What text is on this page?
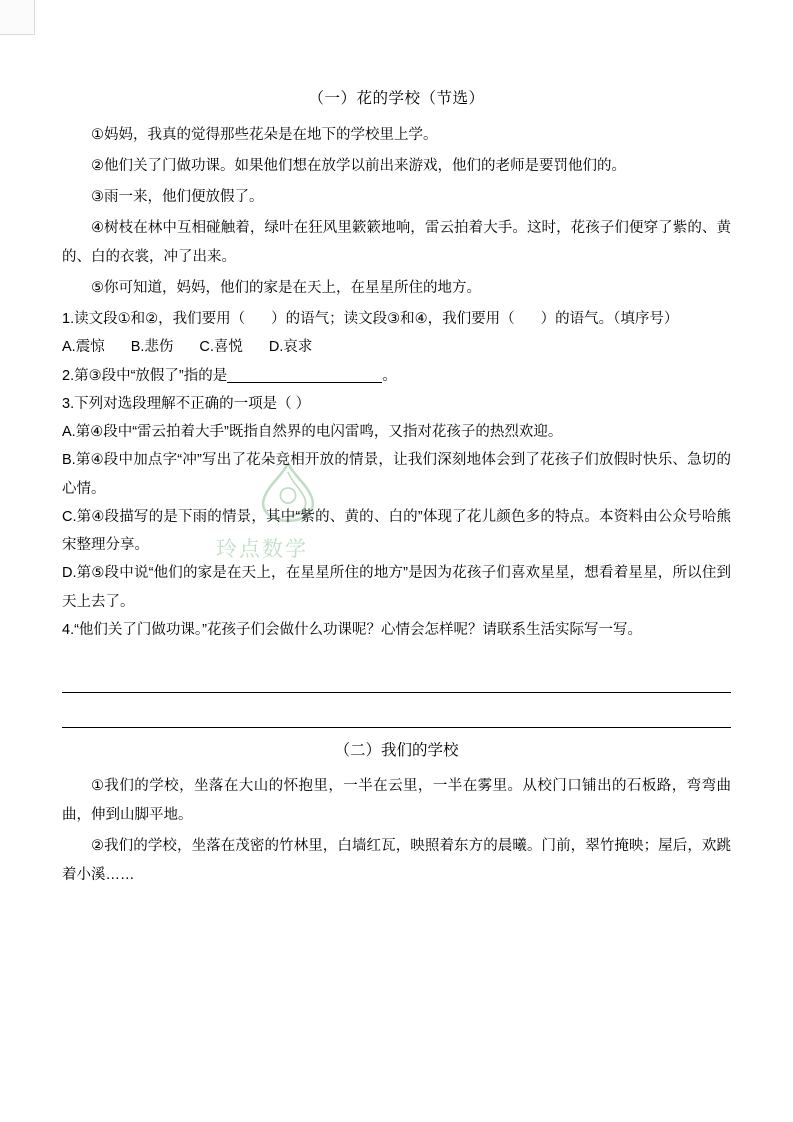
玲点数学
（一）花的学校（节选）

①妈妈，我真的觉得那些花朵是在地下的学校里上学。

②他们关了门做功课。如果他们想在放学以前出来游戏，他们的老师是要罚他们的。

③雨一来，他们便放假了。

④树枝在林中互相碰触着，绿叶在狂风里簌簌地响，雷云拍着大手。这时，花孩子们便穿了紫的、黄的、白的衣裳，冲了出来。

⑤你可知道，妈妈，他们的家是在天上，在星星所住的地方。

1.读文段①和②，我们要用（ ）的语气；读文段③和④，我们要用（ ）的语气。（填序号）

A.震惊 B.悲伤 C.喜悦 D.哀求

2.第③段中“放假了”指的是	。

3.下列对选段理解不正确的一项是（ ）

A.第④段中“雷云拍着大手”既指自然界的电闪雷鸣，又指对花孩子的热烈欢迎。

B.第④段中加点字“冲”写出了花朵竞相开放的情景，让我们深刻地体会到了花孩子们放假时快乐、急切的心情。

C.第④段描写的是下雨的情景，其中“紫的、黄的、白的”体现了花儿颜色多的特点。本资料由公众号哈熊宋整理分享。

D.第⑤段中说“他们的家是在天上，在星星所住的地方”是因为花孩子们喜欢星星，想看着星星，所以住到天上去了。

4.“他们关了门做功课。”花孩子们会做什么功课呢？心情会怎样呢？请联系生活实际写一写。

（二）我们的学校

①我们的学校，坐落在大山的怀抱里，一半在云里，一半在雾里。从校门口铺出的石板路，弯弯曲曲，伸到山脚平地。

②我们的学校，坐落在茂密的竹林里，白墙红瓦，映照着东方的晨曦。门前，翠竹掩映；屋后，欢跳着小溪……
